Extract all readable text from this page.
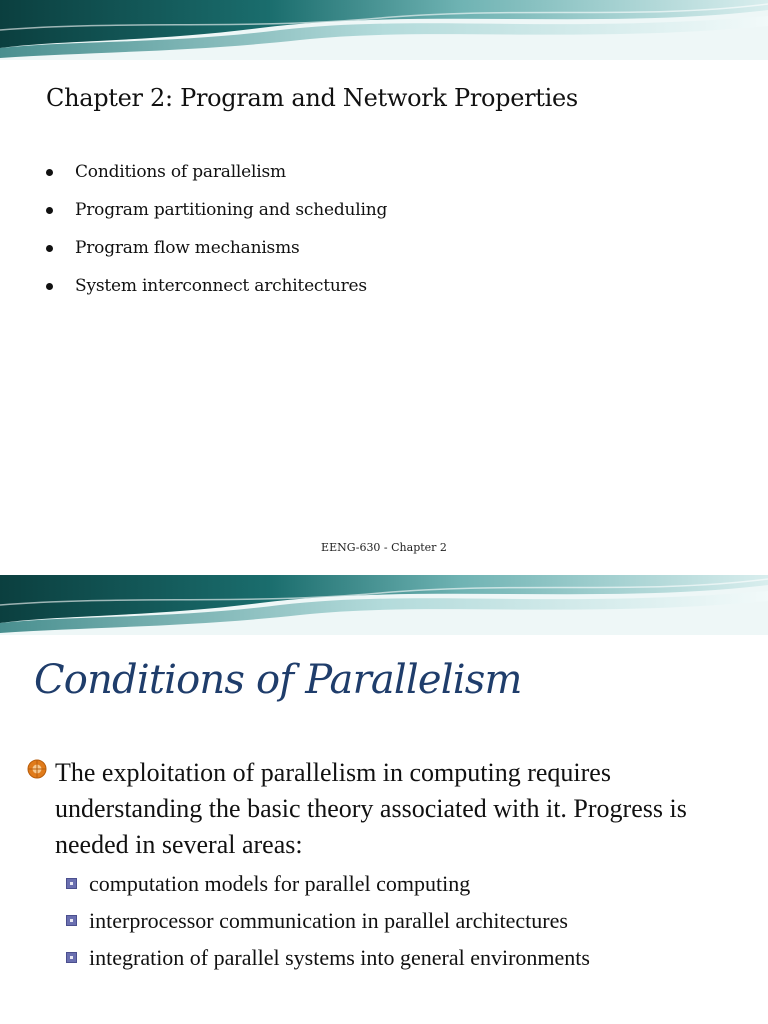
Chapter 2: Program and Network Properties
Conditions of parallelism
Program partitioning and scheduling
Program flow mechanisms
System interconnect architectures
EENG-630 - Chapter 2
Conditions of Parallelism
The exploitation of parallelism in computing requires understanding the basic theory associated with it. Progress is needed in several areas:
computation models for parallel computing
interprocessor communication in parallel architectures
integration of parallel systems into general environments
